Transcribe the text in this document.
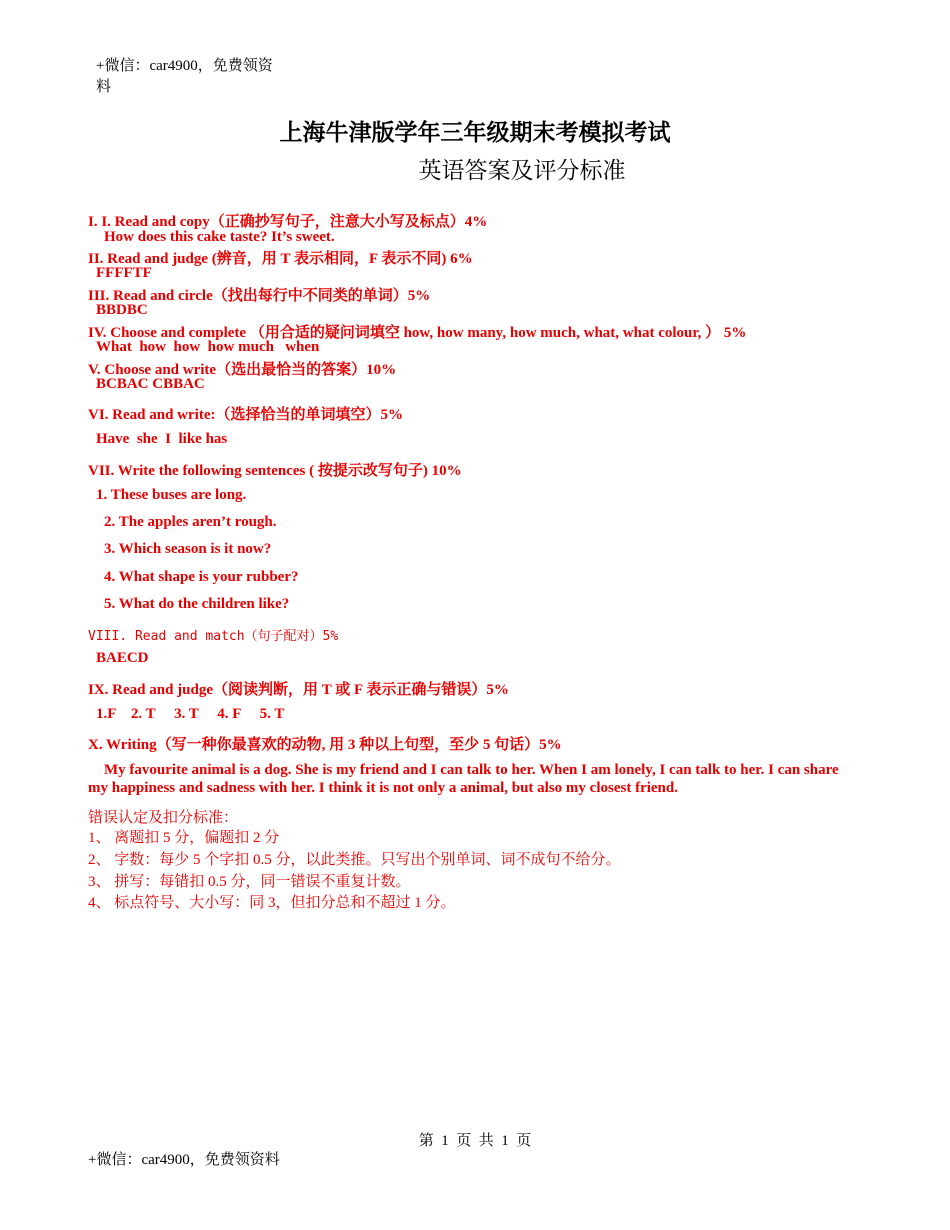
+微信：car4900，免费领资料
上海牛津版学年三年级期末考模拟考试
英语答案及评分标准
I. I. Read and copy（正确抄写句子，注意大小写及标点）4%
How does this cake taste? It’s sweet.
II. Read and judge (辨音，用 T 表示相同，F 表示不同) 6%
FFFFTF
III. Read and circle（找出每行中不同类的单词）5%
BBDBC
IV. Choose and complete （用合适的疑问词填空 how, how many, how much, what, what colour, ） 5%
What  how  how  how much   when
V. Choose and write（选出最恰当的答案）10%
BCBAC CBBAC
VI. Read and write:（选择恰当的单词填空）5%
Have  she  I  like has
VII. Write the following sentences ( 按提示改写句子) 10%
1. These buses are long.
2. The apples aren’t rough.
3. Which season is it now?
4. What shape is your rubber?
5. What do the children like?
VIII. Read and match（句子配对）5%
BAECD
IX. Read and judge（阅读判断，用 T 或 F 表示正确与错误）5%
1.F    2. T     3. T     4. F     5. T
X. Writing（写一种你最喜欢的动物, 用 3 种以上句型，至少 5 句话）5%
My favourite animal is a dog. She is my friend and I can talk to her. When I am lonely, I can talk to her. I can share my happiness and sadness with her. I think it is not only a animal, but also my closest friend.
错误认定及扣分标准：
1、 离题扣 5 分，偏题扣 2 分
2、 字数：每少 5 个字扣 0.5 分，以此类推。只写出个别单词、词不成句不给分。
3、 拼写：每错扣 0.5 分，同一错误不重复计数。
4、 标点符号、大小写：同 3，但扣分总和不超过 1 分。
第  1  页  共  1  页
+微信：car4900，免费领资料
